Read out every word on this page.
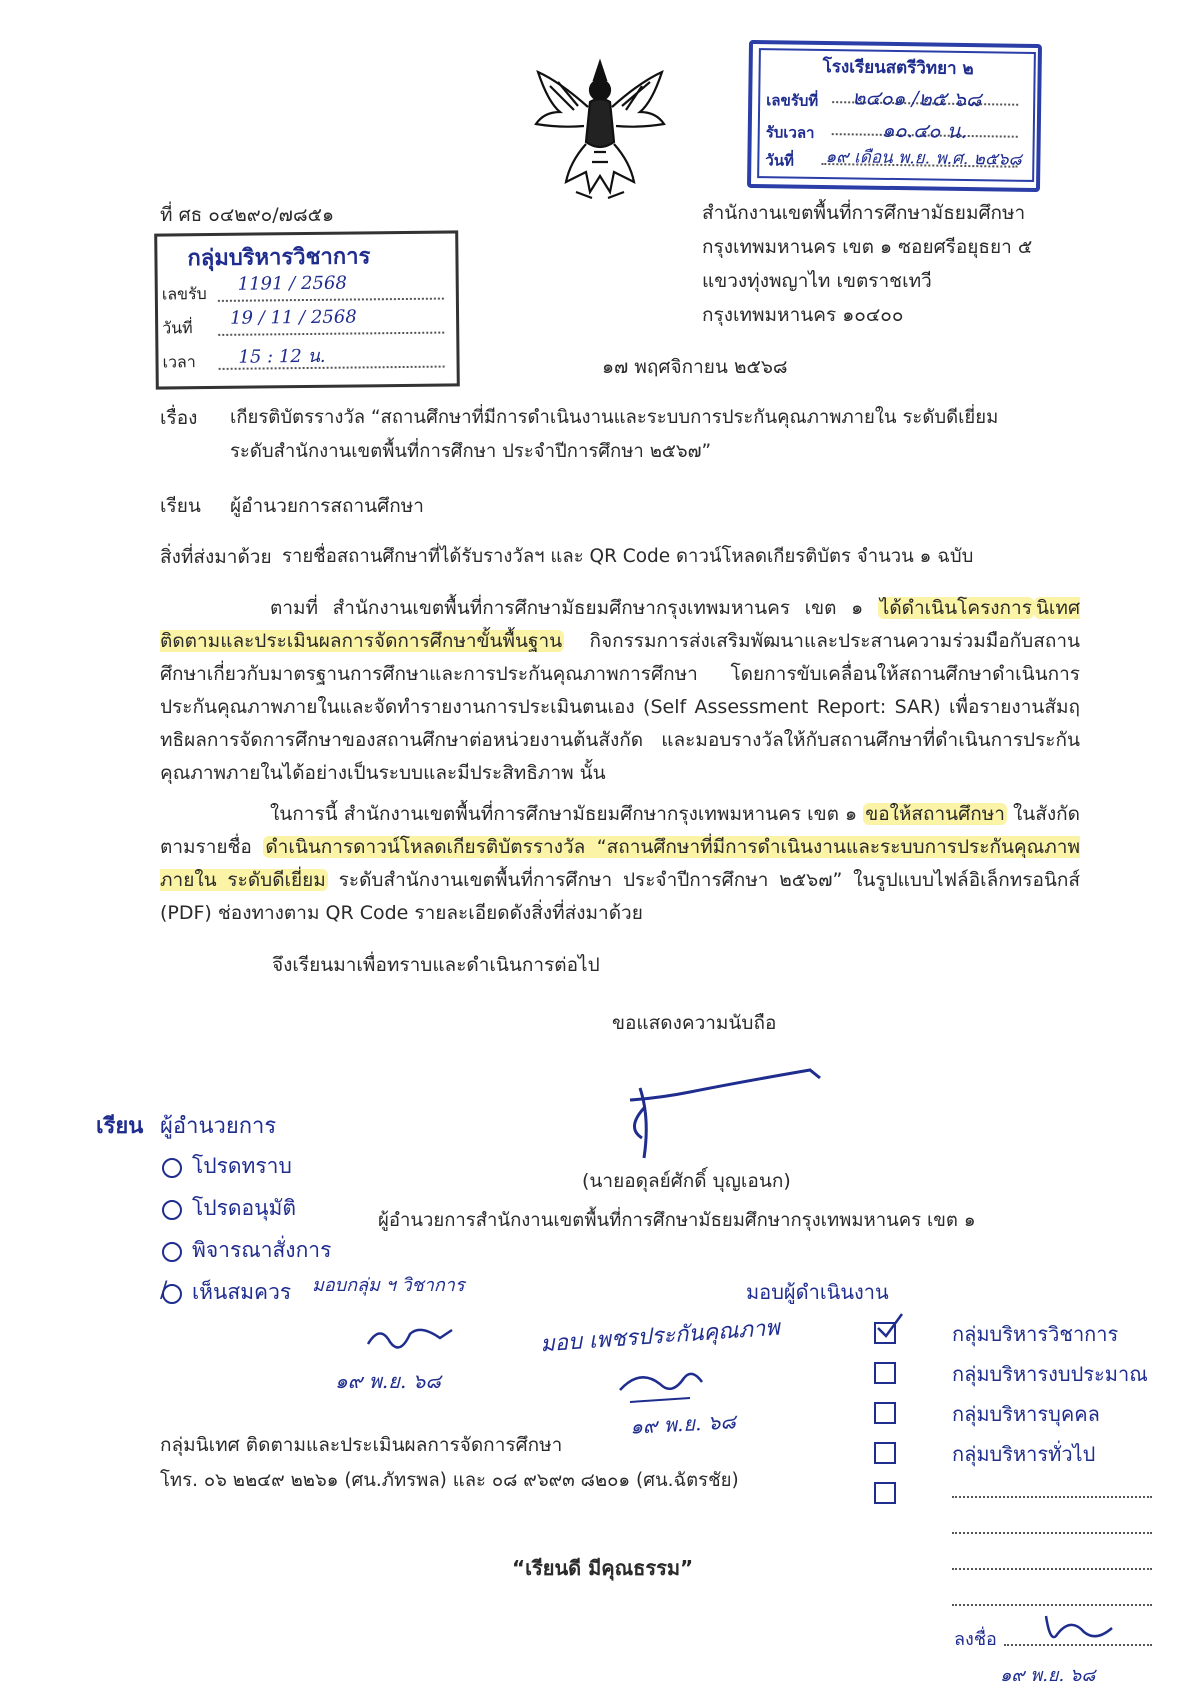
โรงเรียนสตรีวิทยา ๒
เลขรับที่ ๒๔๐๑ /๒๕ ๖๘
รับเวลา	๑๐.๔๐ น.
วันที่ ๑๙ เดือน พ.ย. พ.ศ. ๒๕๖๘
ที่ ศธ ๐๔๒๙๐/๗๘๕๑	สำนักงานเขตพื้นที่การศึกษามัธยมศึกษา
กรุงเทพมหานคร เขต ๑ ซอยศรีอยุธยา ๕
แขวงทุ่งพญาไท เขตราชเทวี
กรุงเทพมหานคร ๑๐๔๐๐
กลุ่มบริหารวิชาการ
เลขรับ 1191 / 2568
วันที่ 19 / 11 / 2568
เวลา 15 : 12 น.	๑๗ พฤศจิกายน ๒๕๖๘
เรื่อง เกียรติบัตรรางวัล “สถานศึกษาที่มีการดำเนินงานและระบบการประกันคุณภาพภายใน ระดับดีเยี่ยม
ระดับสำนักงานเขตพื้นที่การศึกษา ประจำปีการศึกษา ๒๕๖๗”
เรียน ผู้อำนวยการสถานศึกษา
สิ่งที่ส่งมาด้วย รายชื่อสถานศึกษาที่ได้รับรางวัลฯ และ QR Code ดาวน์โหลดเกียรติบัตร จำนวน ๑ ฉบับ
ตามที่ สำนักงานเขตพื้นที่การศึกษามัธยมศึกษากรุงเทพมหานคร เขต ๑ ได้ดำเนินโครงการ นิเทศ ติดตามและประเมินผลการจัดการศึกษาขั้นพื้นฐาน กิจกรรมการส่งเสริมพัฒนาและประสานความร่วมมือกับสถานศึกษาเกี่ยวกับมาตรฐานการศึกษาและการประกันคุณภาพการศึกษา โดยการขับเคลื่อนให้สถานศึกษาดำเนินการประกันคุณภาพภายในและจัดทำรายงานการประเมินตนเอง (Self Assessment Report: SAR) เพื่อรายงานสัมฤทธิผลการจัดการศึกษาของสถานศึกษาต่อหน่วยงานต้นสังกัด และมอบรางวัลให้กับสถานศึกษาที่ดำเนินการประกันคุณภาพภายในได้อย่างเป็นระบบและมีประสิทธิภาพ นั้น
ในการนี้ สำนักงานเขตพื้นที่การศึกษามัธยมศึกษากรุงเทพมหานคร เขต ๑ ขอให้สถานศึกษา ในสังกัดตามรายชื่อ ดำเนินการดาวน์โหลดเกียรติบัตรรางวัล “สถานศึกษาที่มีการดำเนินงานและระบบการประกันคุณภาพภายใน ระดับดีเยี่ยม ระดับสำนักงานเขตพื้นที่การศึกษา ประจำปีการศึกษา ๒๕๖๗” ในรูปแบบไฟล์อิเล็กทรอนิกส์ (PDF) ช่องทางตาม QR Code รายละเอียดดังสิ่งที่ส่งมาด้วย
จึงเรียนมาเพื่อทราบและดำเนินการต่อไป
ขอแสดงความนับถือ
(นายอดุลย์ศักดิ์ บุญเอนก)
ผู้อำนวยการสำนักงานเขตพื้นที่การศึกษามัธยมศึกษากรุงเทพมหานคร เขต ๑
เรียน ผู้อำนวยการ
โปรดทราบ
โปรดอนุมัติ
พิจารณาสั่งการ
/ เห็นสมควร มอบกลุ่ม ฯ วิชาการ
๑๙ พ.ย. ๖๘
มอบ เพชรประกันคุณภาพ
๑๙ พ.ย. ๖๘
มอบผู้ดำเนินงาน
กลุ่มบริหารวิชาการ
กลุ่มบริหารงบประมาณ
กลุ่มบริหารบุคคล
กลุ่มบริหารทั่วไป
ลงชื่อ
๑๙ พ.ย. ๖๘
กลุ่มนิเทศ ติดตามและประเมินผลการจัดการศึกษา
โทร. ๐๖ ๒๒๔๙ ๒๒๖๑ (ศน.ภัทรพล) และ ๐๘ ๙๖๙๓ ๘๒๐๑ (ศน.ฉัตรชัย)
“เรียนดี มีคุณธรรม”
